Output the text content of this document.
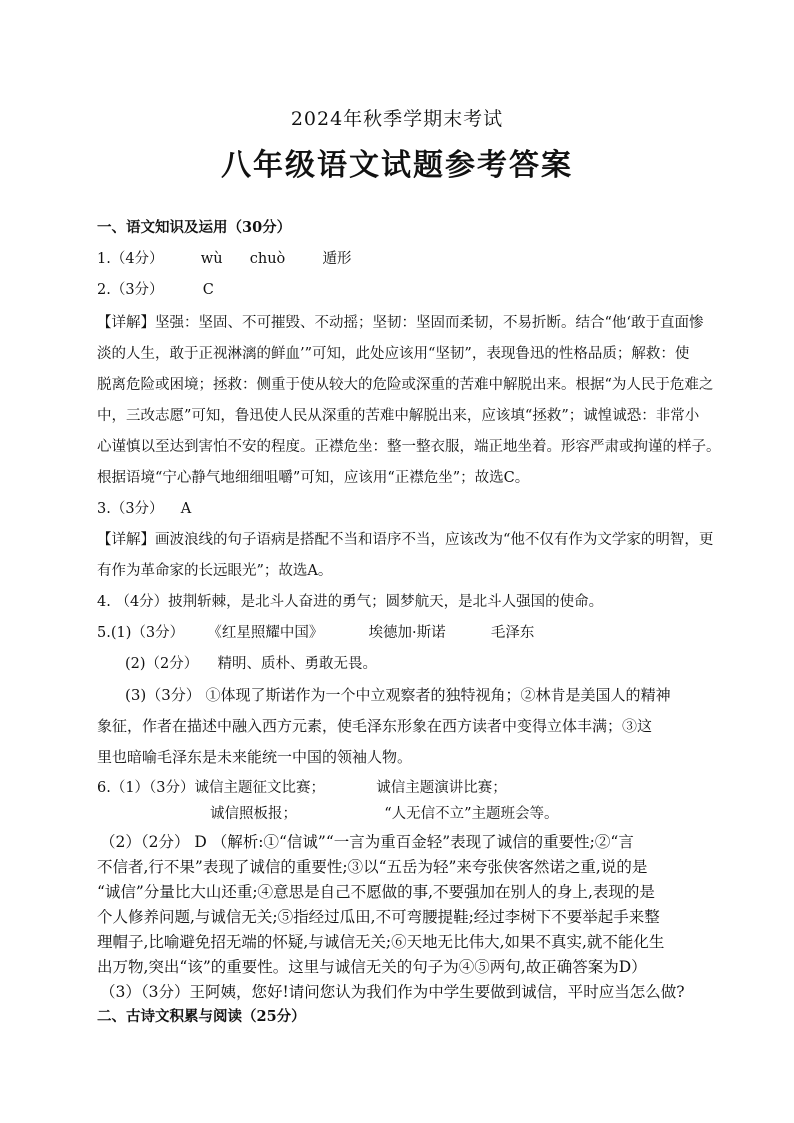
2024年秋季学期末考试
八年级语文试题参考答案
一、语文知识及运用（30分）
1.（4分）	wù chuò	遁形
2.（3分）	C
【详解】坚强：坚固、不可摧毁、不动摇；坚韧：坚固而柔韧，不易折断。结合“他‘敢于直面惨
淡的人生，敢于正视淋漓的鲜血’”可知，此处应该用“坚韧”，表现鲁迅的性格品质；解救：使
脱离危险或困境；拯救：侧重于使从较大的危险或深重的苦难中解脱出来。根据“为人民于危难之
中，三改志愿”可知，鲁迅使人民从深重的苦难中解脱出来，应该填“拯救”；诚惶诚恐：非常小
心谨慎以至达到害怕不安的程度。正襟危坐：整一整衣服，端正地坐着。形容严肃或拘谨的样子。
根据语境“宁心静气地细细咀嚼”可知，应该用“正襟危坐”；故选C。
3.（3分） A
【详解】画波浪线的句子语病是搭配不当和语序不当，应该改为“他不仅有作为文学家的明智，更
有作为革命家的长远眼光”；故选A。
4. （4分）披荆斩棘，是北斗人奋进的勇气；圆梦航天，是北斗人强国的使命。
5.(1)（3分） 《红星照耀中国》	埃德加·斯诺	毛泽东
(2)（2分） 精明、质朴、勇敢无畏。
(3)（3分） ①体现了斯诺作为一个中立观察者的独特视角；②林肯是美国人的精神
象征，作者在描述中融入西方元素，使毛泽东形象在西方读者中变得立体丰满；③这
里也暗喻毛泽东是未来能统一中国的领袖人物。
6.（1）（3分）诚信主题征文比赛；	诚信主题演讲比赛；
诚信照板报；	“人无信不立”主题班会等。
（2）（2分） D （解析:①“信诚”“一言为重百金轻”表现了诚信的重要性;②“言
不信者,行不果”表现了诚信的重要性;③以“五岳为轻”来夸张侠客然诺之重,说的是
“诚信”分量比大山还重;④意思是自己不愿做的事,不要强加在别人的身上,表现的是
个人修养问题,与诚信无关;⑤指经过瓜田,不可弯腰提鞋;经过李树下不要举起手来整
理帽子,比喻避免招无端的怀疑,与诚信无关;⑥天地无比伟大,如果不真实,就不能化生
出万物,突出“该”的重要性。这里与诚信无关的句子为④⑤两句,故正确答案为D）
（3）（3分）王阿姨，您好!请问您认为我们作为中学生要做到诚信，平时应当怎么做?
二、古诗文积累与阅读（25分）
